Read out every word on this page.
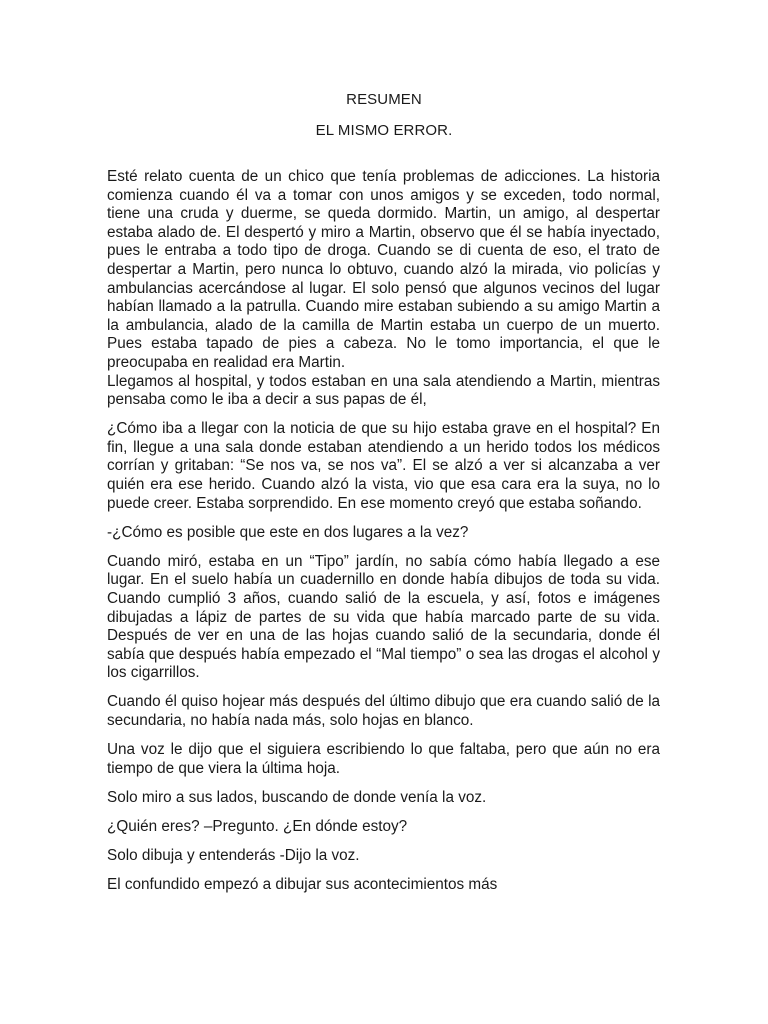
RESUMEN
EL MISMO ERROR.

Esté relato cuenta de un chico que tenía problemas de adicciones. La historia comienza cuando él va a tomar con unos amigos y se exceden, todo normal, tiene una cruda y duerme, se queda dormido. Martin, un amigo, al despertar estaba alado de. El despertó y miro a Martin, observo que él se había inyectado, pues le entraba a todo tipo de droga. Cuando se di cuenta de eso, el trato de despertar a Martin, pero nunca lo obtuvo, cuando alzó la mirada, vio policías y ambulancias acercándose al lugar. El solo pensó que algunos vecinos del lugar habían llamado a la patrulla. Cuando mire estaban subiendo a su amigo Martin a la ambulancia, alado de la camilla de Martin estaba un cuerpo de un muerto. Pues estaba tapado de pies a cabeza. No le tomo importancia, el que le preocupaba en realidad era Martin.

Llegamos al hospital, y todos estaban en una sala atendiendo a Martin, mientras pensaba como le iba a decir a sus papas de él,

¿Cómo iba a llegar con la noticia de que su hijo estaba grave en el hospital? En fin, llegue a una sala donde estaban atendiendo a un herido todos los médicos corrían y gritaban: “Se nos va, se nos va”. El se alzó a ver si alcanzaba a ver quién era ese herido. Cuando alzó la vista, vio que esa cara era la suya, no lo puede creer. Estaba sorprendido. En ese momento creyó que estaba soñando.

-¿Cómo es posible que este en dos lugares a la vez?

Cuando miró, estaba en un “Tipo” jardín, no sabía cómo había llegado a ese lugar. En el suelo había un cuadernillo en donde había dibujos de toda su vida. Cuando cumplió 3 años, cuando salió de la escuela, y así, fotos e imágenes dibujadas a lápiz de partes de su vida que había marcado parte de su vida. Después de ver en una de las hojas cuando salió de la secundaria, donde él sabía que después había empezado el “Mal tiempo” o sea las drogas el alcohol y los cigarrillos.

Cuando él quiso hojear más después del último dibujo que era cuando salió de la secundaria, no había nada más, solo hojas en blanco.

Una voz le dijo que el siguiera escribiendo lo que faltaba, pero que aún no era tiempo de que viera la última hoja.

Solo miro a sus lados, buscando de donde venía la voz.

¿Quién eres? –Pregunto. ¿En dónde estoy?

Solo dibuja y entenderás -Dijo la voz.

El confundido empezó a dibujar sus acontecimientos más
